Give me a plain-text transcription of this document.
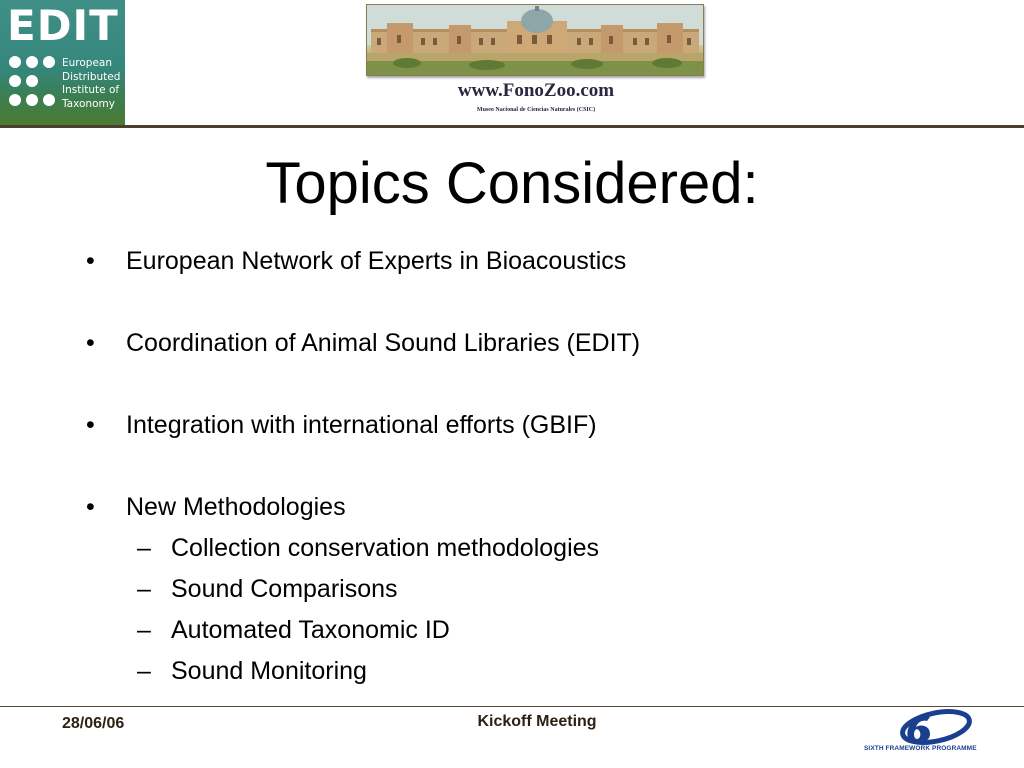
EDIT
European
Distributed
Institute of
Taxonomy
www.FonoZoo.com
Museo Nacional de Ciencias Naturales (CSIC)
Topics Considered:
• European Network of Experts in Bioacoustics
• Coordination of Animal Sound Libraries (EDIT)
• Integration with international efforts (GBIF)
• New Methodologies
– Collection conservation methodologies
– Sound Comparisons
– Automated Taxonomic ID
– Sound Monitoring
28/06/06	Kickoff Meeting
SIXTH FRAMEWORK PROGRAMME
